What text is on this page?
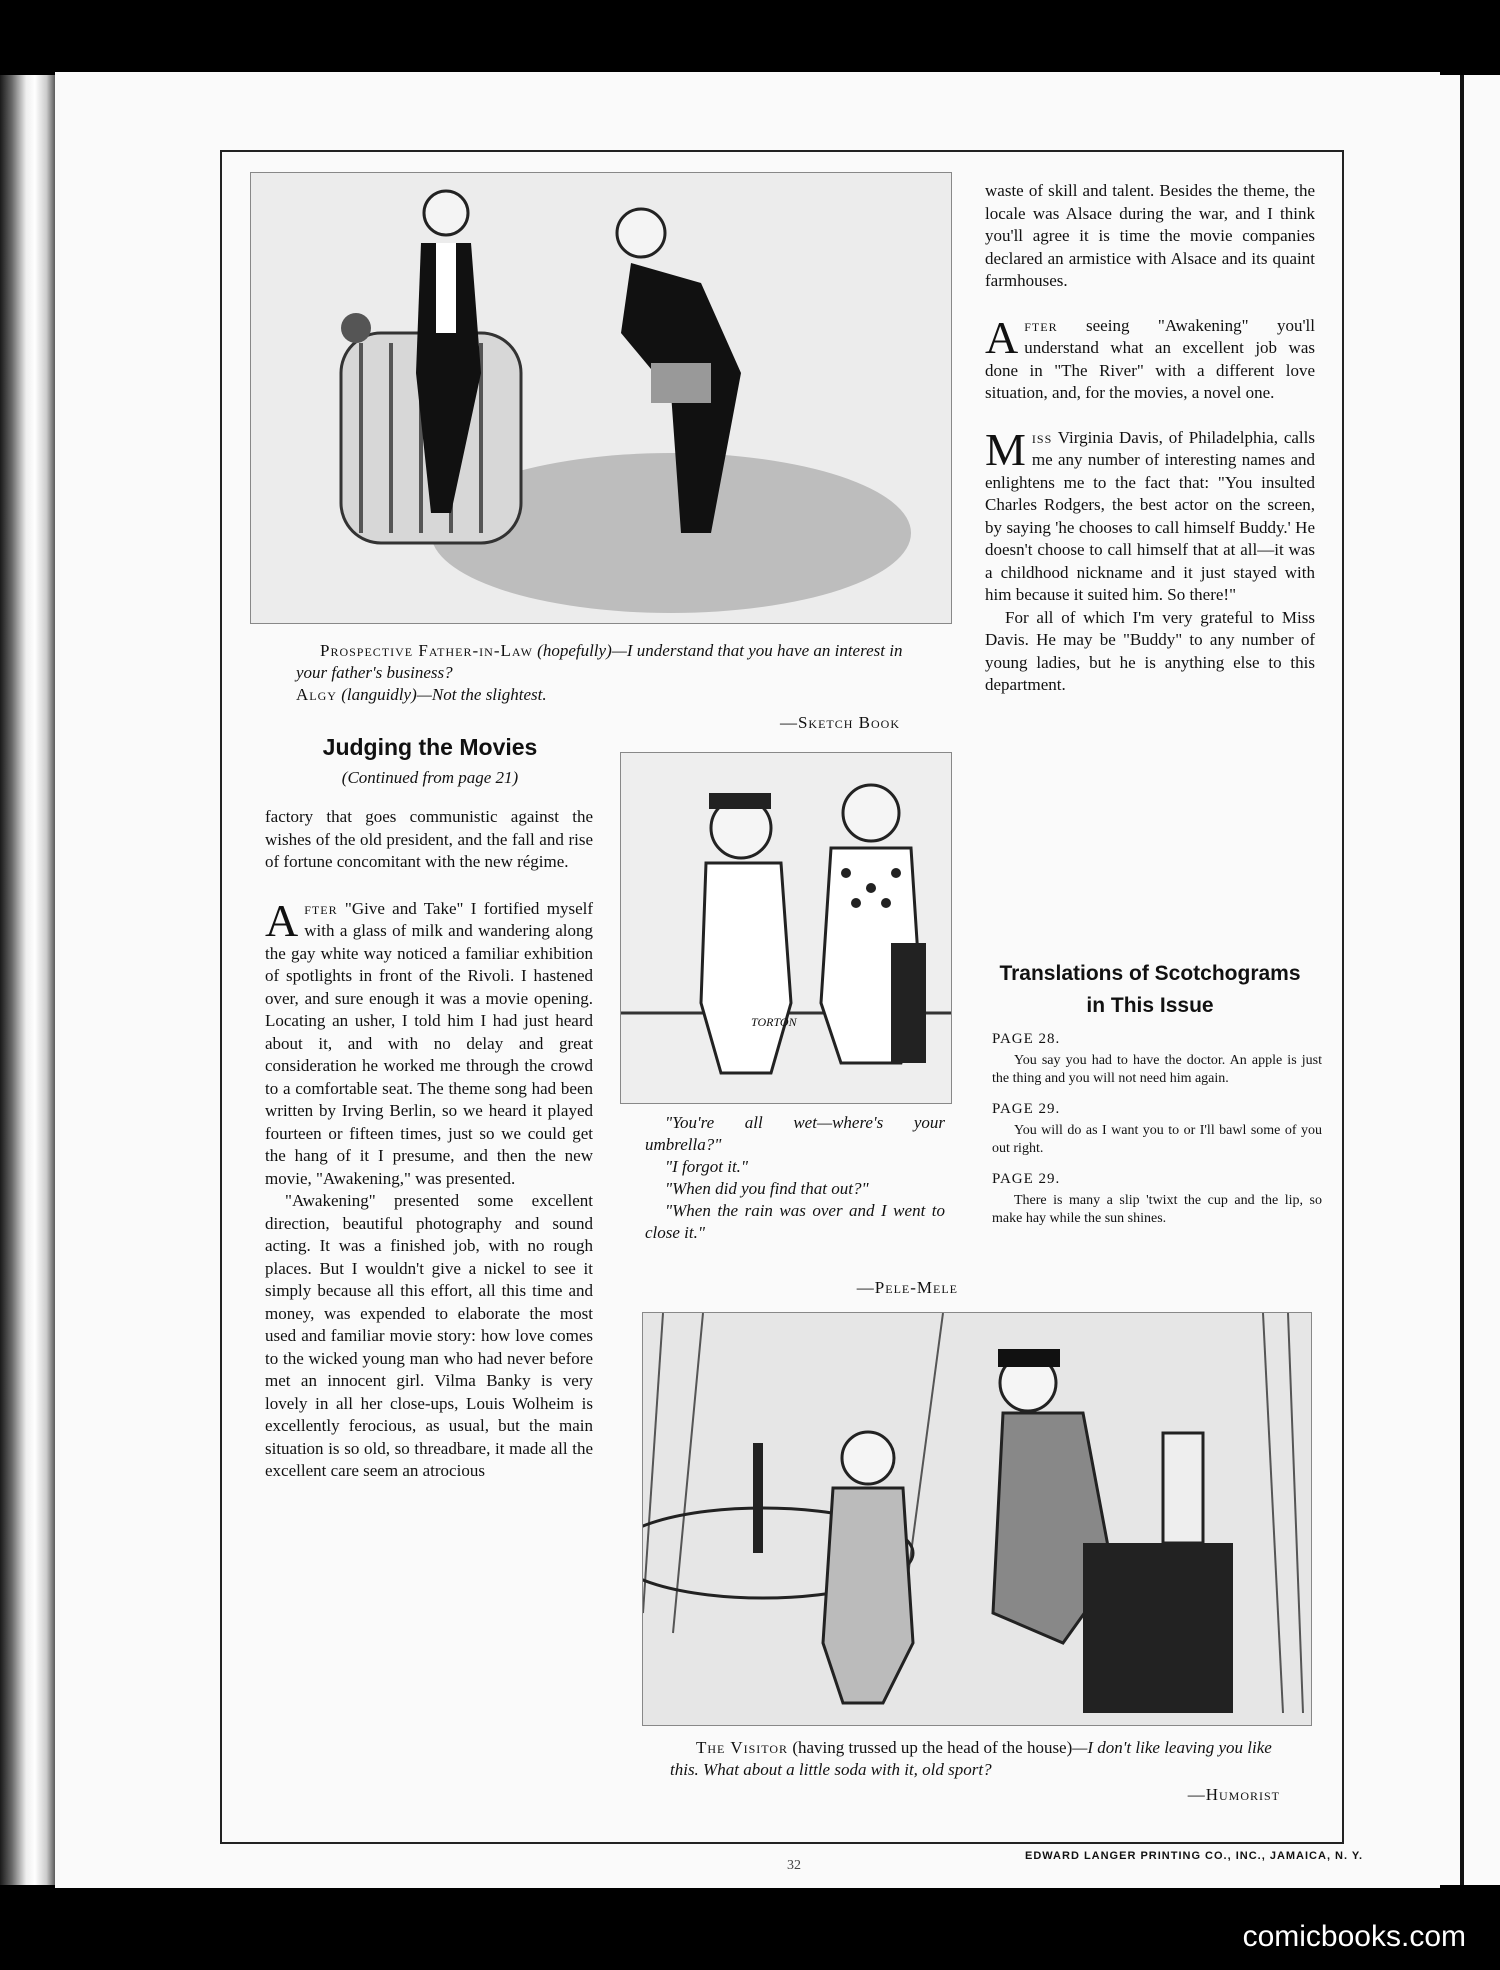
Prospective Father-in-Law (hopefully)—I understand that you have an interest in your father's business?
Algy (languidly)—Not the slightest.
—Sketch Book
Judging the Movies
(Continued from page 21)

factory that goes communistic against the wishes of the old president, and the fall and rise of fortune concomitant with the new régime.

After "Give and Take" I fortified myself with a glass of milk and wandering along the gay white way noticed a familiar exhibition of spotlights in front of the Rivoli. I hastened over, and sure enough it was a movie opening. Locating an usher, I told him I had just heard about it, and with no delay and great consideration he worked me through the crowd to a comfortable seat. The theme song had been written by Irving Berlin, so we heard it played fourteen or fifteen times, just so we could get the hang of it I presume, and then the new movie, "Awakening," was presented.

"Awakening" presented some excellent direction, beautiful photography and sound acting. It was a finished job, with no rough places. But I wouldn't give a nickel to see it simply because all this effort, all this time and money, was expended to elaborate the most used and familiar movie story: how love comes to the wicked young man who had never before met an innocent girl. Vilma Banky is very lovely in all her close-ups, Louis Wolheim is excellently ferocious, as usual, but the main situation is so old, so threadbare, it made all the excellent care seem an atrocious

TORTON
"You're all wet—where's your umbrella?"
"I forgot it."
"When did you find that out?"
"When the rain was over and I went to close it."
—Pele-Mele

waste of skill and talent. Besides the theme, the locale was Alsace during the war, and I think you'll agree it is time the movie companies declared an armistice with Alsace and its quaint farmhouses.

After seeing "Awakening" you'll understand what an excellent job was done in "The River" with a different love situation, and, for the movies, a novel one.

Miss Virginia Davis, of Philadelphia, calls me any number of interesting names and enlightens me to the fact that: "You insulted Charles Rodgers, the best actor on the screen, by saying 'he chooses to call himself Buddy.' He doesn't choose to call himself that at all—it was a childhood nickname and it just stayed with him because it suited him. So there!"

For all of which I'm very grateful to Miss Davis. He may be "Buddy" to any number of young ladies, but he is anything else to this department.

Translations of Scotchograms
in This Issue
PAGE 28.
You say you had to have the doctor. An apple is just the thing and you will not need him again.
PAGE 29.
You will do as I want you to or I'll bawl some of you out right.
PAGE 29.
There is many a slip 'twixt the cup and the lip, so make hay while the sun shines.
The Visitor (having trussed up the head of the house)—I don't like leaving you like this. What about a little soda with it, old sport?
—Humorist
32
EDWARD LANGER PRINTING CO., INC., JAMAICA, N. Y.
comicbooks.com
